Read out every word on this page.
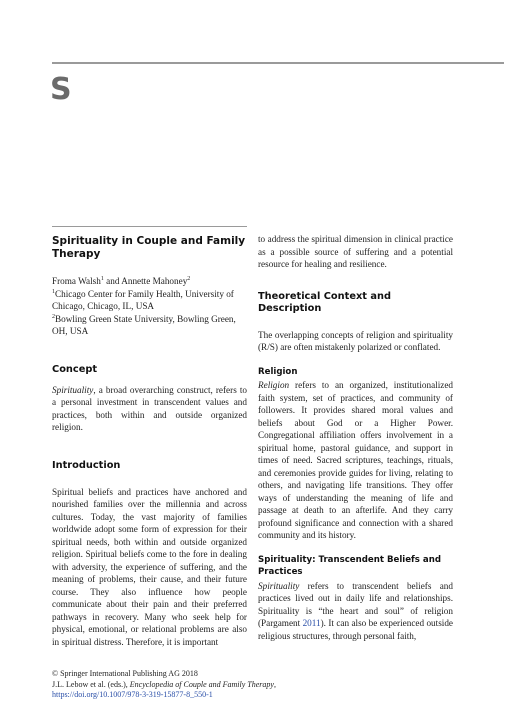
S
Spirituality in Couple and Family Therapy

Froma Walsh$^1$ and Annette Mahoney$^2$

$^1$Chicago Center for Family Health, University of Chicago, Chicago, IL, USA

$^2$Bowling Green State University, Bowling Green, OH, USA

Concept

Spirituality, a broad overarching construct, refers to a personal investment in transcendent values and practices, both within and outside organized religion.

Introduction

Spiritual beliefs and practices have anchored and nourished families over the millennia and across cultures. Today, the vast majority of families worldwide adopt some form of expression for their spiritual needs, both within and outside organized religion. Spiritual beliefs come to the fore in dealing with adversity, the experience of suffering, and the meaning of problems, their cause, and their future course. They also influence how people communicate about their pain and their preferred pathways in recovery. Many who seek help for physical, emotional, or relational problems are also in spiritual distress. Therefore, it is important

to address the spiritual dimension in clinical practice as a possible source of suffering and a potential resource for healing and resilience.

Theoretical Context and Description

The overlapping concepts of religion and spirituality (R/S) are often mistakenly polarized or conflated.

Religion

Religion refers to an organized, institutionalized faith system, set of practices, and community of followers. It provides shared moral values and beliefs about God or a Higher Power. Congregational affiliation offers involvement in a spiritual home, pastoral guidance, and support in times of need. Sacred scriptures, teachings, rituals, and ceremonies provide guides for living, relating to others, and navigating life transitions. They offer ways of understanding the meaning of life and passage at death to an afterlife. And they carry profound significance and connection with a shared community and its history.

Spirituality: Transcendent Beliefs and Practices

Spirituality refers to transcendent beliefs and practices lived out in daily life and relationships. Spirituality is “the heart and soul” of religion (Pargament 2011). It can also be experienced outside religious structures, through personal faith,

© Springer International Publishing AG 2018
J.L. Lebow et al. (eds.), Encyclopedia of Couple and Family Therapy,
https://doi.org/10.1007/978-3-319-15877-8_550-1
